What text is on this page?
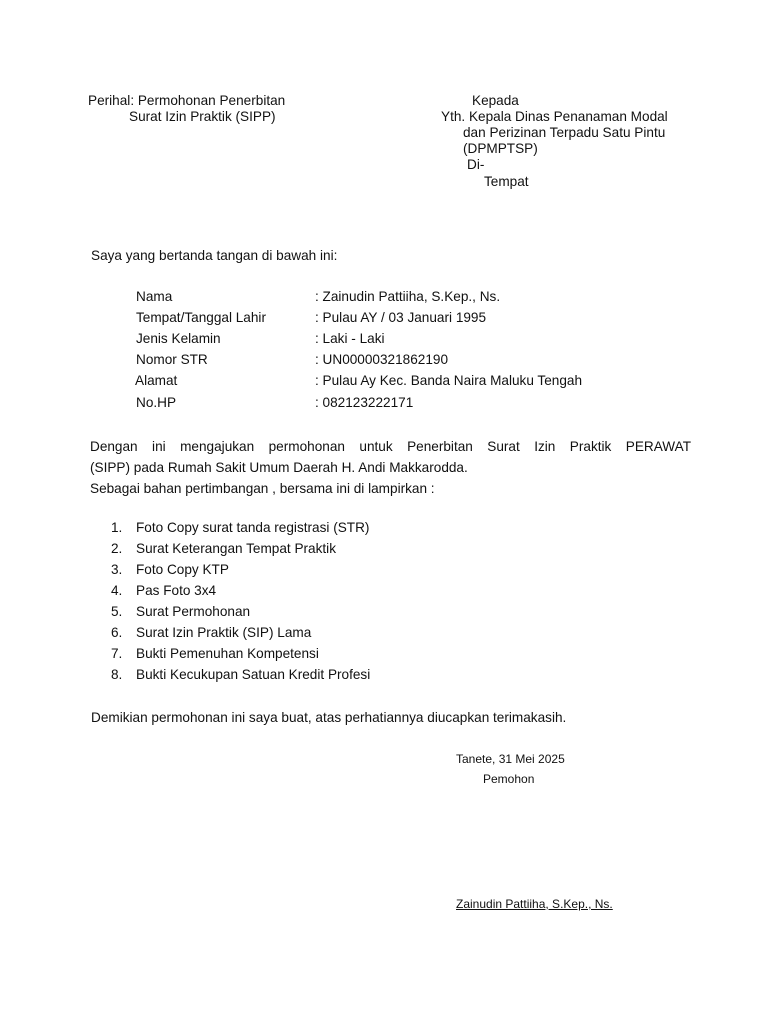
Perihal: Permohonan Penerbitan
Surat Izin Praktik (SIPP)
Kepada
Yth. Kepala Dinas Penanaman Modal
dan Perizinan Terpadu Satu Pintu
(DPMPTSP)
Di-
Tempat
Saya yang bertanda tangan di bawah ini:
Nama	: Zainudin Pattiiha, S.Kep., Ns.
Tempat/Tanggal Lahir	: Pulau AY / 03 Januari 1995
Jenis Kelamin	: Laki - Laki
Nomor STR	: UN00000321862190
Alamat	: Pulau Ay Kec. Banda Naira Maluku Tengah
No.HP	: 082123222171
Dengan ini mengajukan permohonan untuk Penerbitan Surat Izin Praktik PERAWAT
(SIPP) pada Rumah Sakit Umum Daerah H. Andi Makkarodda.
Sebagai bahan pertimbangan , bersama ini di lampirkan :
1. Foto Copy surat tanda registrasi (STR)
2. Surat Keterangan Tempat Praktik
3. Foto Copy KTP
4. Pas Foto 3x4
5. Surat Permohonan
6. Surat Izin Praktik (SIP) Lama
7. Bukti Pemenuhan Kompetensi
8. Bukti Kecukupan Satuan Kredit Profesi
Demikian permohonan ini saya buat, atas perhatiannya diucapkan terimakasih.
Tanete, 31 Mei 2025
Pemohon
Zainudin Pattiiha, S.Kep., Ns.
